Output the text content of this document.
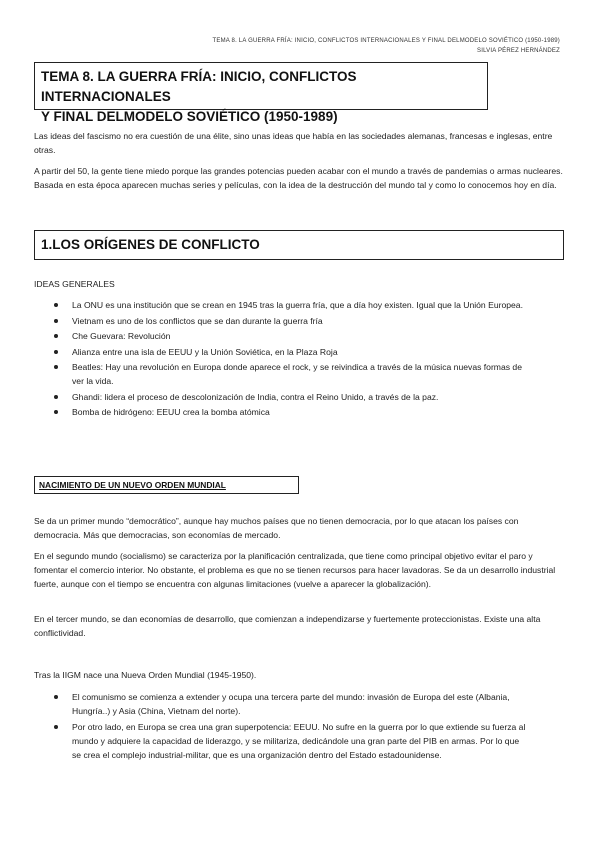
TEMA 8. LA GUERRA FRÍA: INICIO, CONFLICTOS INTERNACIONALES Y FINAL DELMODELO SOVIÉTICO (1950-1989)
SILVIA PÉREZ HERNÁNDEZ
TEMA 8. LA GUERRA FRÍA: INICIO, CONFLICTOS INTERNACIONALES
Y FINAL DELMODELO SOVIÉTICO (1950-1989)
Las ideas del fascismo no era cuestión de una élite, sino unas ideas que había en las sociedades alemanas, francesas e inglesas, entre otras.
A partir del 50, la gente tiene miedo porque las grandes potencias pueden acabar con el mundo a través de pandemias o armas nucleares. Basada en esta época aparecen muchas series y películas, con la idea de la destrucción del mundo tal y como lo conocemos hoy en día.
1.LOS ORÍGENES DE CONFLICTO
IDEAS GENERALES
La ONU es una institución que se crean en 1945 tras la guerra fría, que a día hoy existen. Igual que la Unión Europea.
Vietnam es uno de los conflictos que se dan durante la guerra fría
Che Guevara: Revolución
Alianza entre una isla de EEUU y la Unión Soviética, en la Plaza Roja
Beatles: Hay una revolución en Europa donde aparece el rock, y se reivindica a través de la música nuevas formas de ver la vida.
Ghandi: lidera el proceso de descolonización de India, contra el Reino Unido, a través de la paz.
Bomba de hidrógeno: EEUU crea la bomba atómica
NACIMIENTO DE UN NUEVO ORDEN MUNDIAL
Se da un primer mundo “democrático”, aunque hay muchos países que no tienen democracia, por lo que atacan los países con democracia. Más que democracias, son economías de mercado.
En el segundo mundo (socialismo) se caracteriza por la planificación centralizada, que tiene como principal objetivo evitar el paro y fomentar el comercio interior. No obstante, el problema es que no se tienen recursos para hacer lavadoras. Se da un desarrollo industrial fuerte, aunque con el tiempo se encuentra con algunas limitaciones (vuelve a aparecer la globalización).
En el tercer mundo, se dan economías de desarrollo, que comienzan a independizarse y fuertemente proteccionistas. Existe una alta conflictividad.
Tras la IIGM nace una Nueva Orden Mundial (1945-1950).
El comunismo se comienza a extender y ocupa una tercera parte del mundo: invasión de Europa del este (Albania, Hungría..) y Asia (China, Vietnam del norte).
Por otro lado, en Europa se crea una gran superpotencia: EEUU. No sufre en la guerra por lo que extiende su fuerza al mundo y adquiere la capacidad de liderazgo, y se militariza, dedicándole una gran parte del PIB en armas. Por lo que se crea el complejo industrial-militar, que es una organización dentro del Estado estadounidense.
